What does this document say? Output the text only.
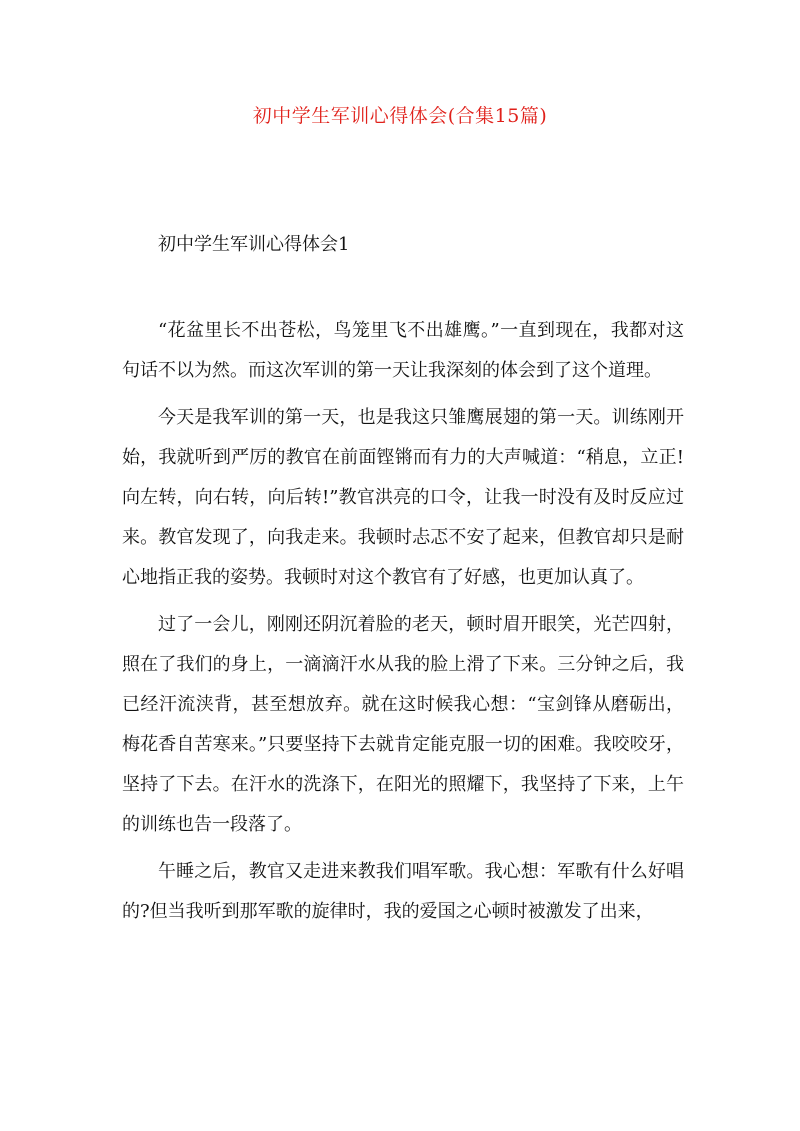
初中学生军训心得体会(合集15篇)
初中学生军训心得体会1

“花盆里长不出苍松，鸟笼里飞不出雄鹰。”一直到现在，我都对这句话不以为然。而这次军训的第一天让我深刻的体会到了这个道理。

今天是我军训的第一天，也是我这只雏鹰展翅的第一天。训练刚开始，我就听到严厉的教官在前面铿锵而有力的大声喊道：“稍息，立正!向左转，向右转，向后转!”教官洪亮的口令，让我一时没有及时反应过来。教官发现了，向我走来。我顿时忐忑不安了起来，但教官却只是耐心地指正我的姿势。我顿时对这个教官有了好感，也更加认真了。

过了一会儿，刚刚还阴沉着脸的老天，顿时眉开眼笑，光芒四射，照在了我们的身上，一滴滴汗水从我的脸上滑了下来。三分钟之后，我已经汗流浃背，甚至想放弃。就在这时候我心想：“宝剑锋从磨砺出，梅花香自苦寒来。”只要坚持下去就肯定能克服一切的困难。我咬咬牙，坚持了下去。在汗水的洗涤下，在阳光的照耀下，我坚持了下来，上午的训练也告一段落了。

午睡之后，教官又走进来教我们唱军歌。我心想：军歌有什么好唱的?但当我听到那军歌的旋律时，我的爱国之心顿时被激发了出来，
